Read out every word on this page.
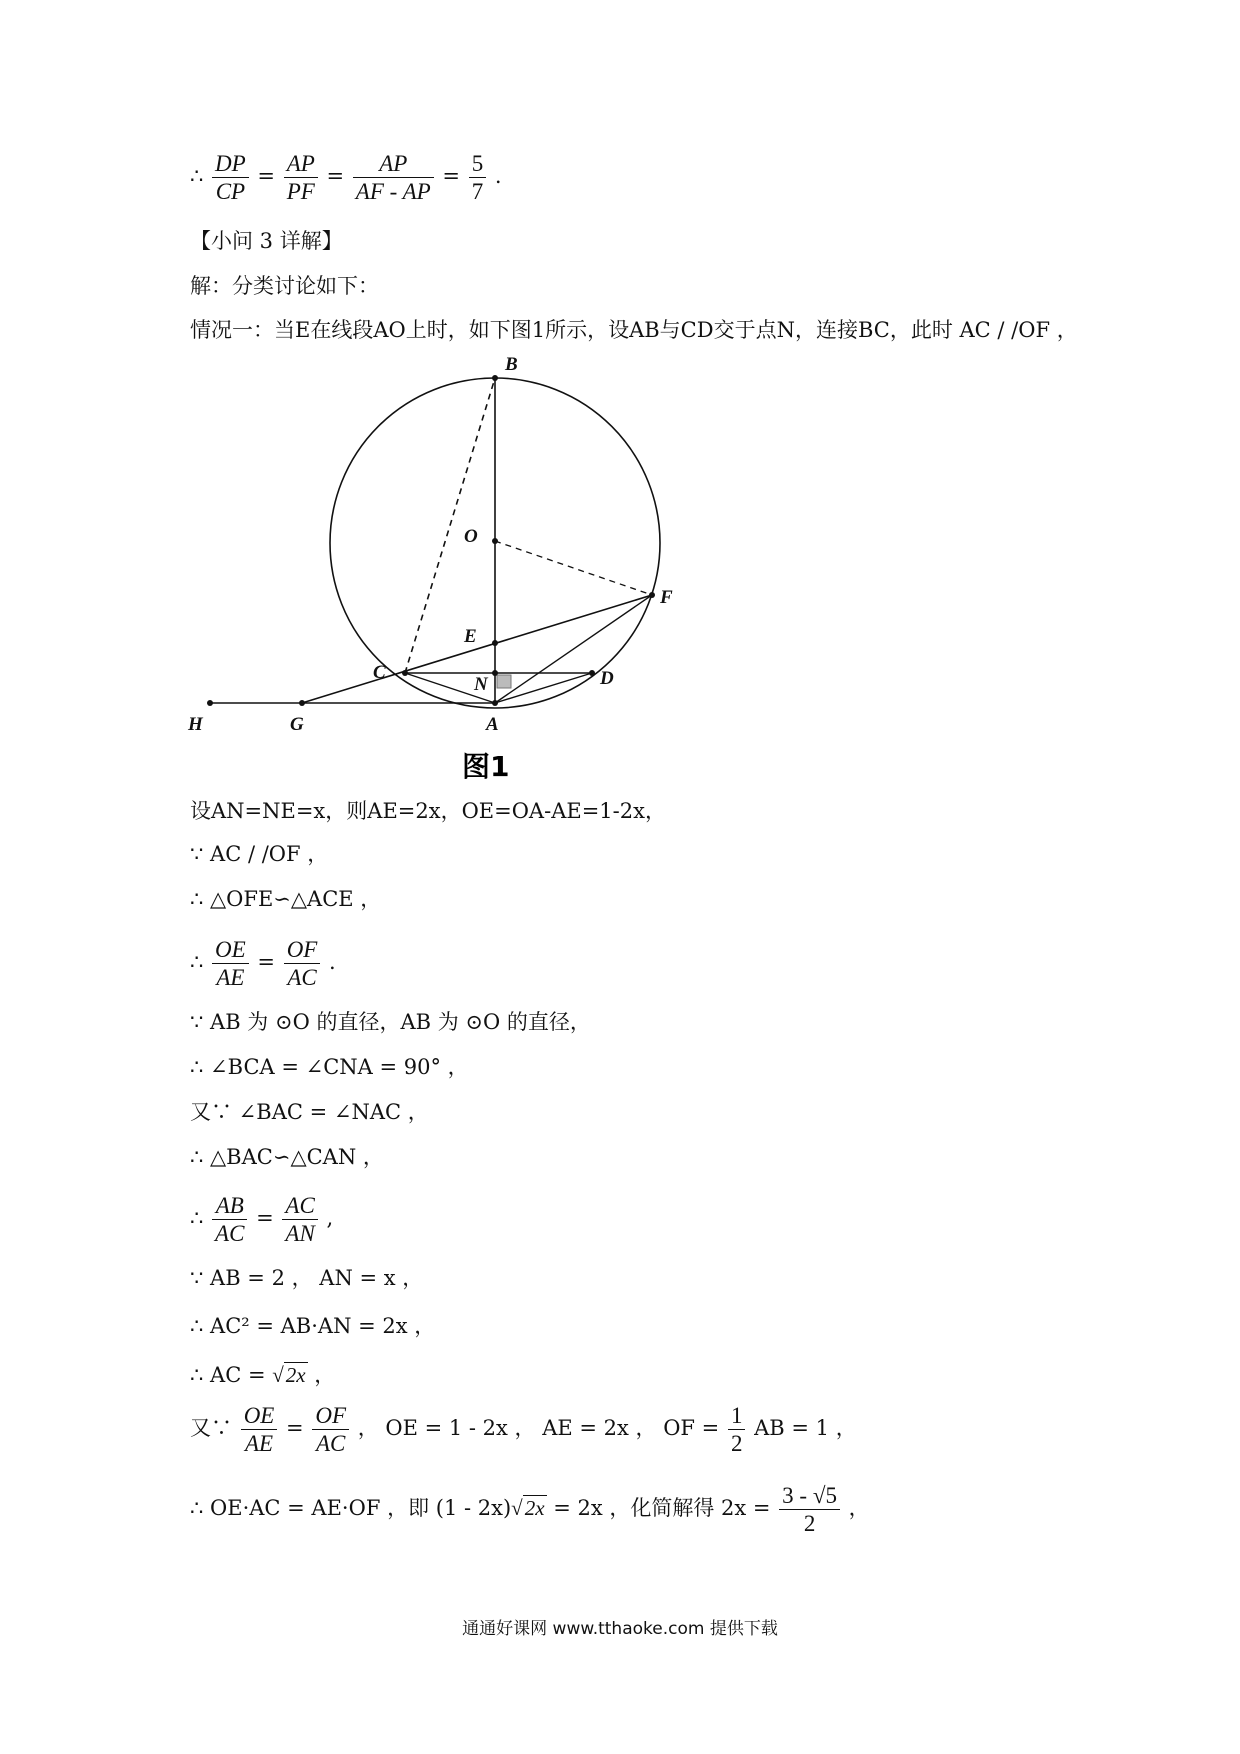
∴ $\frac{DP}{CP} = \frac{AP}{PF} = \frac{AP}{AF - AP} = \frac{5}{7}$ .
【小问 3 详解】
解：分类讨论如下：
情况一：当E在线段AO上时，如下图1所示，设AB与CD交于点N，连接BC，此时 AC / /OF ，
B
O
F
E
C
N	D
H	G	A
图1
设AN=NE=x，则AE=2x，OE=OA-AE=1-2x，
∵ AC / /OF ，
∴ △OFE∽△ACE ，
∴ $\frac{OE}{AE} = \frac{OF}{AC}$ .
∵ AB 为 ⊙O 的直径，AB 为 ⊙O 的直径，
∴ ∠BCA = ∠CNA = 90° ，
又∵ ∠BAC = ∠NAC ，
∴ △BAC∽△CAN ，
∴ $\frac{AB}{AC} = \frac{AC}{AN}$ ,
∵ AB = 2 ， AN = x ，
∴ AC² = AB·AN = 2x ，
∴ AC = √2x ，
又∵ $\frac{OE}{AE} = \frac{OF}{AC}$ ， OE = 1 - 2x ， AE = 2x ， OF = $\frac{1}{2}$ AB = 1 ，
∴ OE·AC = AE·OF ，即 (1 - 2x)√2x = 2x ，化简解得 $2x = \frac{3 - √5}{2}$ ，
通通好课网 www.tthaoke.com 提供下载
